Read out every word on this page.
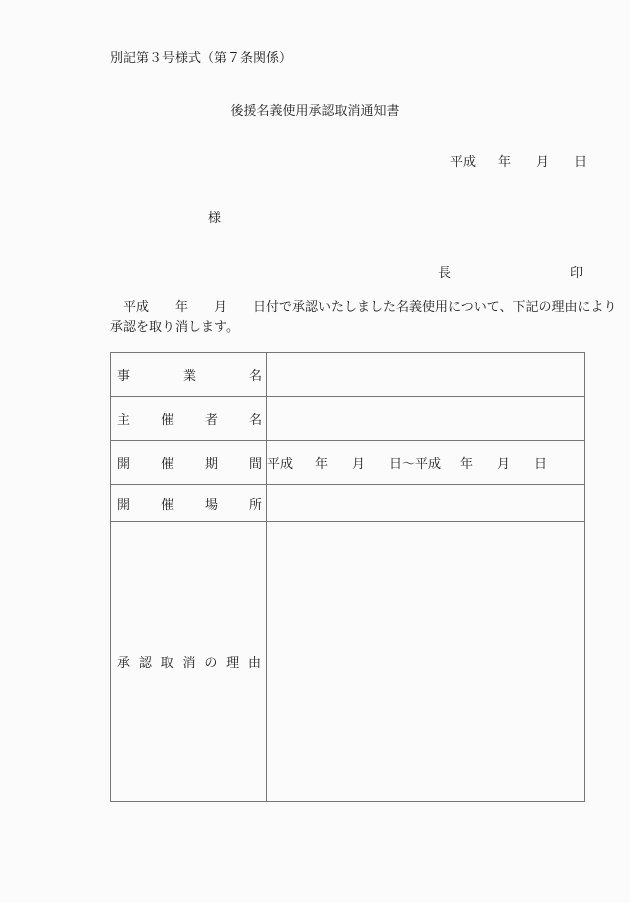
別記第３号様式（第７条関係）
後援名義使用承認取消通知書
平成 年 月 日
様
長	印
　平成　　年　　月　　日付で承認いたしました名義使用について、下記の理由により
承認を取り消します。
事 業 名	

主 催 者 名	

開 催 期 間	平成	年	月	日～平成	年	月	日

開 催 場 所	

承 認 取 消 の 理 由
